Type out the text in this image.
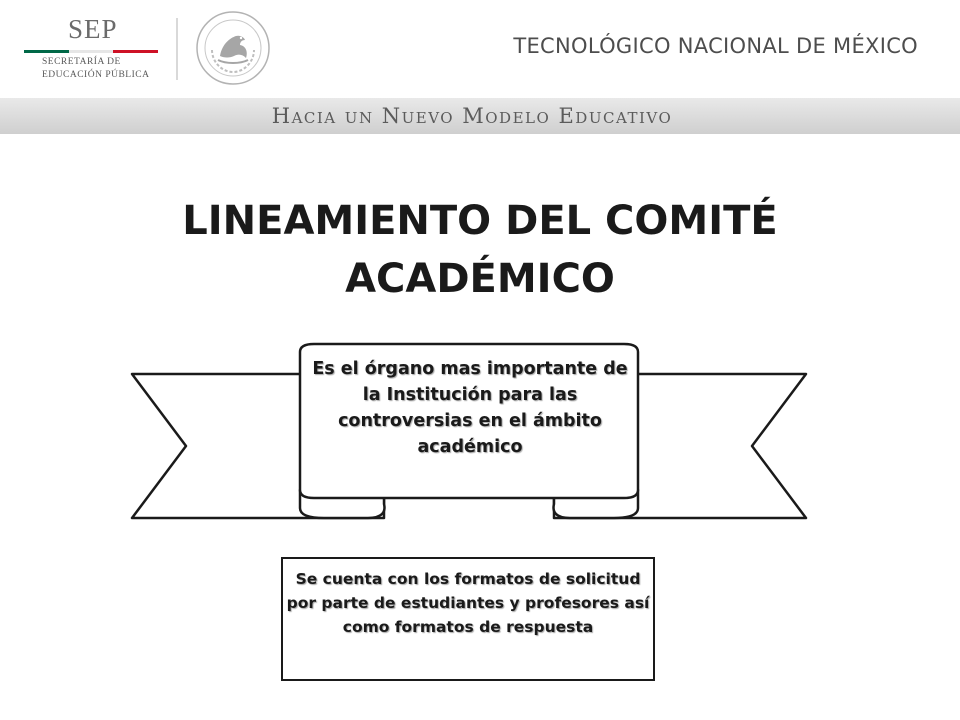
SEP
SECRETARÍA DE
EDUCACIÓN PÚBLICA
TECNOLÓGICO NACIONAL DE MÉXICO
Hacia un Nuevo Modelo Educativo
LINEAMIENTO DEL COMITÉ
ACADÉMICO
Es el órgano mas importante de la Institución para las controversias en el ámbito académico
Se cuenta con los formatos de solicitud por parte de estudiantes y profesores así como formatos de respuesta
